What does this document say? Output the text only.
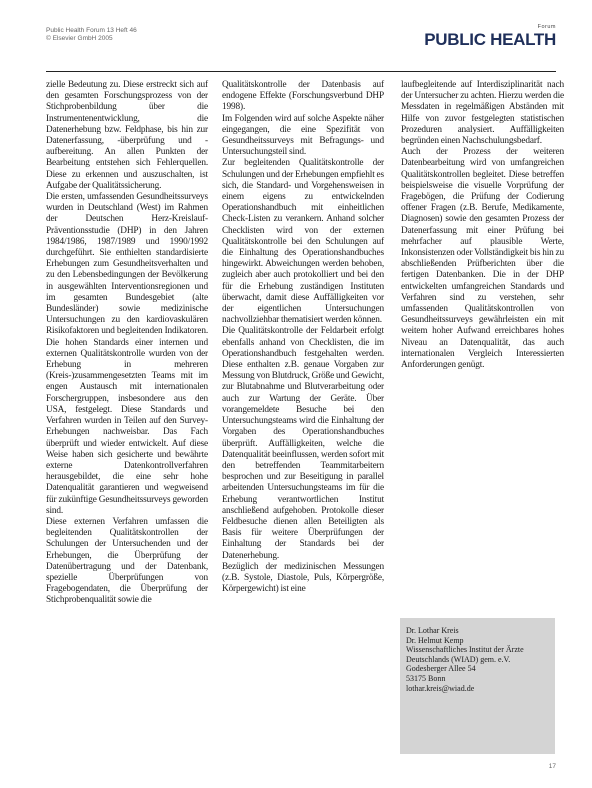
Public Health Forum 13 Heft 46
© Elsevier GmbH 2005
Forum
PUBLIC HEALTH

zielle Bedeutung zu. Diese erstreckt sich auf den gesamten Forschungsprozess von der Stichprobenbildung über die Instrumentenentwicklung, die Datenerhebung bzw. Feldphase, bis hin zur Datenerfassung, -überprüfung und -aufbereitung. An allen Punkten der Bearbeitung entstehen sich Fehlerquellen. Diese zu erkennen und auszuschalten, ist Aufgabe der Qualitätssicherung.

Die ersten, umfassenden Gesundheitssurveys wurden in Deutschland (West) im Rahmen der Deutschen Herz-Kreislauf-Präventionsstudie (DHP) in den Jahren 1984/1986, 1987/1989 und 1990/1992 durchgeführt. Sie enthielten standardisierte Erhebungen zum Gesundheitsverhalten und zu den Lebensbedingungen der Bevölkerung in ausgewählten Interventionsregionen und im gesamten Bundesgebiet (alte Bundesländer) sowie medizinische Untersuchungen zu den kardiovaskulären Risikofaktoren und begleitenden Indikatoren. Die hohen Standards einer internen und externen Qualitätskontrolle wurden von der Erhebung in mehreren (Kreis-)zusammengesetzten Teams mit im engen Austausch mit internationalen Forschergruppen, insbesondere aus den USA, festgelegt. Diese Standards und Verfahren wurden in Teilen auf den Survey-Erhebungen nachweisbar. Das Fach überprüft und wieder entwickelt. Auf diese Weise haben sich gesicherte und bewährte externe Datenkontrollverfahren herausgebildet, die eine sehr hohe Datenqualität garantieren und wegweisend für zukünftige Gesundheitssurveys geworden sind.

Diese externen Verfahren umfassen die begleitenden Qualitätskontrollen der Schulungen der Untersuchenden und der Erhebungen, die Überprüfung der Datenübertragung und der Datenbank, spezielle Überprüfungen von Fragebogendaten, die Überprüfung der Stichprobenqualität sowie die

Qualitätskontrolle der Datenbasis auf endogene Effekte (Forschungsverbund DHP 1998).

Im Folgenden wird auf solche Aspekte näher eingegangen, die eine Spezifität von Gesundheitssurveys mit Befragungs- und Untersuchungsteil sind.

Zur begleitenden Qualitätskontrolle der Schulungen und der Erhebungen empfiehlt es sich, die Standard- und Vorgehensweisen in einem eigens zu entwickelnden Operationshandbuch mit einheitlichen Check-Listen zu verankern. Anhand solcher Checklisten wird von der externen Qualitätskontrolle bei den Schulungen auf die Einhaltung des Operationshandbuches hingewirkt. Abweichungen werden behoben, zugleich aber auch protokolliert und bei den für die Erhebung zuständigen Instituten überwacht, damit diese Auffälligkeiten vor der eigentlichen Untersuchungen nachvollziehbar thematisiert werden können.

Die Qualitätskontrolle der Feldarbeit erfolgt ebenfalls anhand von Checklisten, die im Operationshandbuch festgehalten werden. Diese enthalten z.B. genaue Vorgaben zur Messung von Blutdruck, Größe und Gewicht, zur Blutabnahme und Blutverarbeitung oder auch zur Wartung der Geräte. Über vorangemeldete Besuche bei den Untersuchungsteams wird die Einhaltung der Vorgaben des Operationshandbuches überprüft. Auffälligkeiten, welche die Datenqualität beeinflussen, werden sofort mit den betreffenden Teammitarbeitern besprochen und zur Beseitigung in parallel arbeitenden Untersuchungsteams im für die Erhebung verantwortlichen Institut anschließend aufgehoben. Protokolle dieser Feldbesuche dienen allen Beteiligten als Basis für weitere Überprüfungen der Einhaltung der Standards bei der Datenerhebung.

Bezüglich der medizinischen Messungen (z.B. Systole, Diastole, Puls, Körpergröße, Körpergewicht) ist eine

laufbegleitende auf Interdisziplinarität nach der Untersucher zu achten. Hierzu werden die Messdaten in regelmäßigen Abständen mit Hilfe von zuvor festgelegten statistischen Prozeduren analysiert. Auffälligkeiten begründen einen Nachschulungsbedarf.

Auch der Prozess der weiteren Datenbearbeitung wird von umfangreichen Qualitätskontrollen begleitet. Diese betreffen beispielsweise die visuelle Vorprüfung der Fragebögen, die Prüfung der Codierung offener Fragen (z.B. Berufe, Medikamente, Diagnosen) sowie den gesamten Prozess der Datenerfassung mit einer Prüfung bei mehrfacher auf plausible Werte, Inkonsistenzen oder Vollständigkeit bis hin zu abschließenden Prüfberichten über die fertigen Datenbanken. Die in der DHP entwickelten umfangreichen Standards und Verfahren sind zu verstehen, sehr umfassenden Qualitätskontrollen von Gesundheitssurveys gewährleisten ein mit weitem hoher Aufwand erreichbares hohes Niveau an Datenqualität, das auch internationalen Vergleich Interessierten Anforderungen genügt.

Dr. Lothar Kreis
Dr. Helmut Kemp
Wissenschaftliches Institut der Ärzte
Deutschlands (WIAD) gem. e.V.
Godesberger Allee 54
53175 Bonn
lothar.kreis@wiad.de
17
